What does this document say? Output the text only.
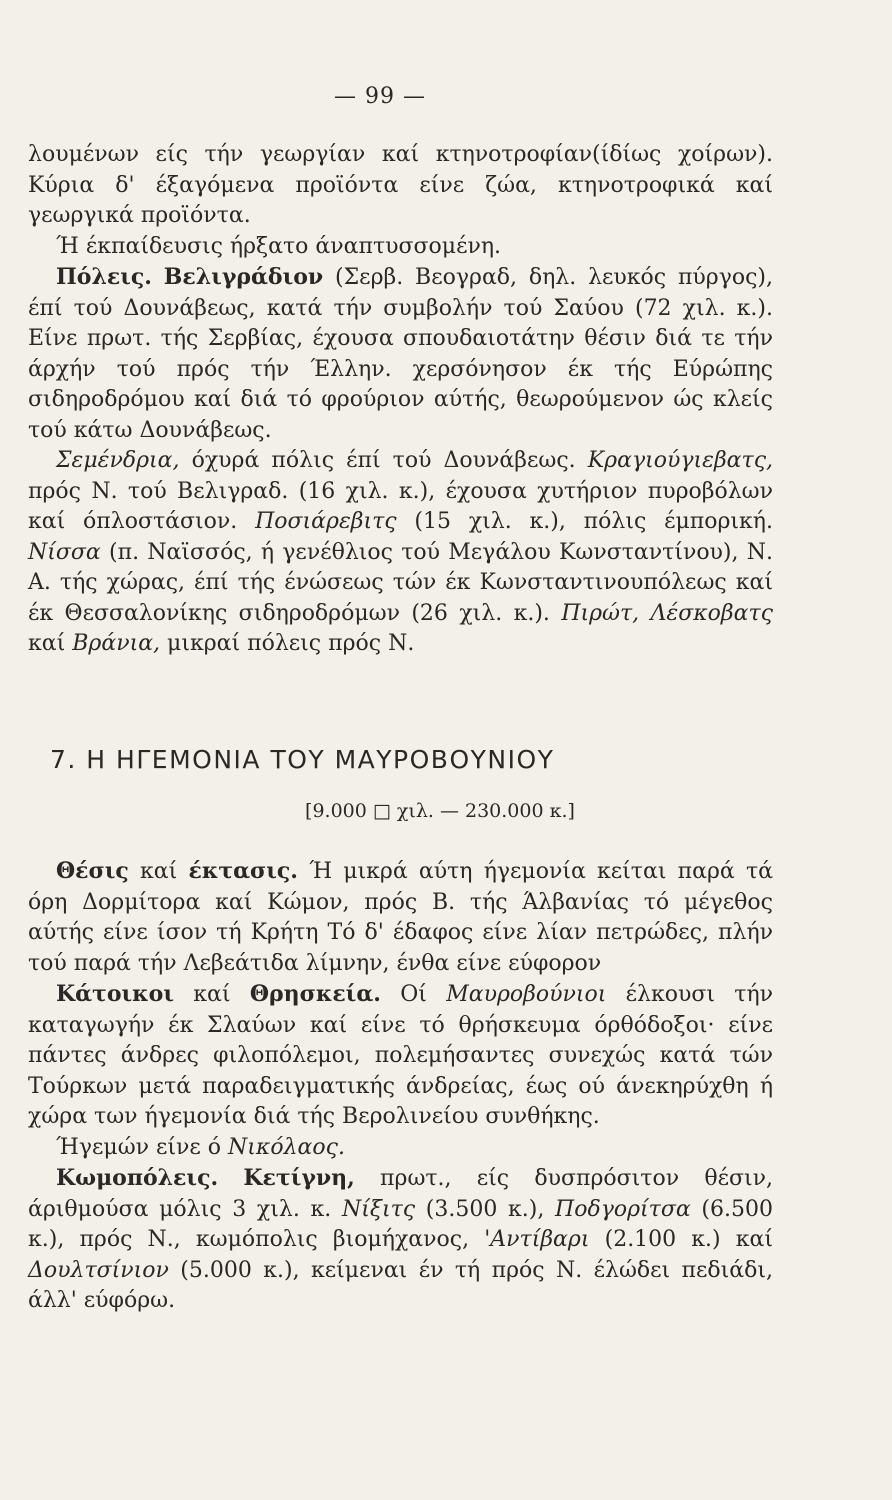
— 99 —

λουμένων είς τήν γεωργίαν καί κτηνοτροφίαν(ίδίως χοίρων). Κύρια δ' έξαγόμενα προϊόντα είνε ζώα, κτηνοτροφικά καί γεωργικά προϊόντα.

Ή έκπαίδευσις ήρξατο άναπτυσσομένη.

Πόλεις. Βελιγράδιον (Σερβ. Βεογραδ, δηλ. λευκός πύργος), έπί τού Δουνάβεως, κατά τήν συμβολήν τού Σαύου (72 χιλ. κ.). Είνε πρωτ. τής Σερβίας, έχουσα σπουδαιοτάτην θέσιν διά τε τήν άρχήν τού πρός τήν Έλλην. χερσόνησον έκ τής Εύρώπης σιδηροδρόμου καί διά τό φρούριον αύτής, θεωρούμενον ώς κλείς τού κάτω Δουνάβεως.

Σεμένδρια, όχυρά πόλις έπί τού Δουνάβεως. Κραγιούγιεβατς, πρός Ν. τού Βελιγραδ. (16 χιλ. κ.), έχουσα χυτήριον πυροβόλων καί όπλοστάσιον. Ποσιάρεβιτς (15 χιλ. κ.), πόλις έμπορική. Νίσσα (π. Ναϊσσός, ή γενέθλιος τού Μεγάλου Κωνσταντίνου), Ν. Α. τής χώρας, έπί τής ένώσεως τών έκ Κωνσταντινουπόλεως καί έκ Θεσσαλονίκης σιδηροδρόμων (26 χιλ. κ.). Πιρώτ, Λέσκοβατς καί Βράνια, μικραί πόλεις πρός Ν.

7. Η ΗΓΕΜΟΝΙΑ ΤΟΥ ΜΑΥΡΟΒΟΥΝΙΟΥ
[9.000 □ χιλ. — 230.000 κ.]

Θέσις καί έκτασις. Ή μικρά αύτη ήγεμονία κείται παρά τά όρη Δορμίτορα καί Κώμον, πρός Β. τής Άλβανίας τό μέγεθος αύτής είνε ίσον τή Κρήτη Τό δ' έδαφος είνε λίαν πετρώδες, πλήν τού παρά τήν Λεβεάτιδα λίμνην, ένθα είνε εύφορον

Κάτοικοι καί Θρησκεία. Οί Μαυροβούνιοι έλκουσι τήν καταγωγήν έκ Σλαύων καί είνε τό θρήσκευμα όρθόδοξοι· είνε πάντες άνδρες φιλοπόλεμοι, πολεμήσαντες συνεχώς κατά τών Τούρκων μετά παραδειγματικής άνδρείας, έως ού άνεκηρύχθη ή χώρα των ήγεμονία διά τής Βερολινείου συνθήκης.

Ήγεμών είνε ό Νικόλαος.

Κωμοπόλεις. Κετίγνη, πρωτ., είς δυσπρόσιτον θέσιν, άριθμούσα μόλις 3 χιλ. κ. Νίξιτς (3.500 κ.), Ποδγορίτσα (6.500 κ.), πρός Ν., κωμόπολις βιομήχανος, 'Αντίβαρι (2.100 κ.) καί Δουλτσίνιον (5.000 κ.), κείμεναι έν τή πρός Ν. έλώδει πεδιάδι, άλλ' εύφόρω.
